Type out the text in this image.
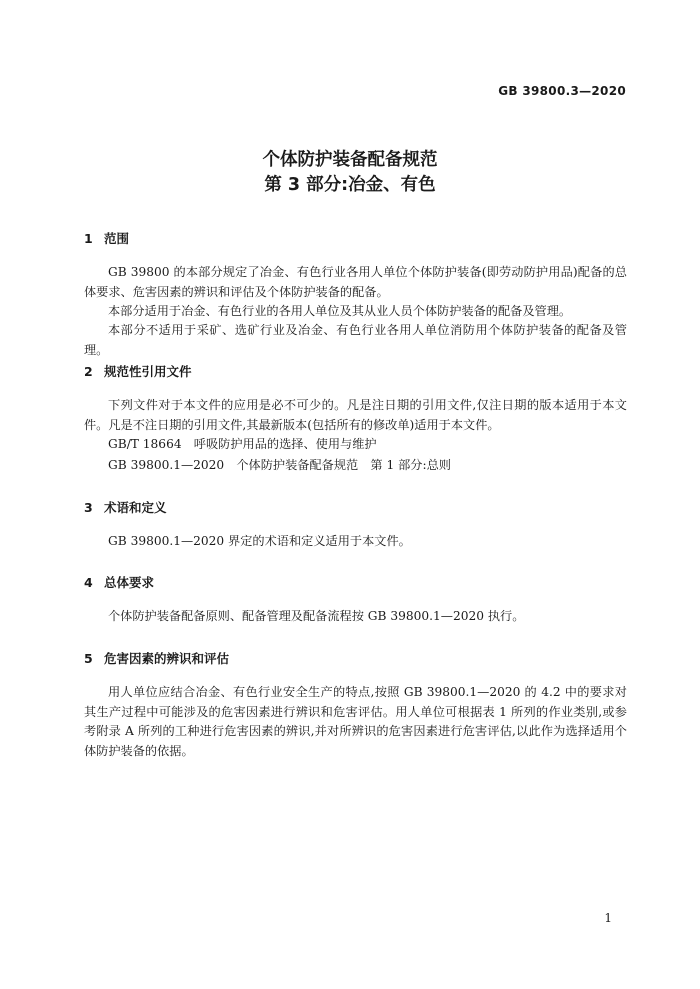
GB 39800.3—2020
个体防护装备配备规范
第 3 部分:冶金、有色
1 范围

GB 39800 的本部分规定了冶金、有色行业各用人单位个体防护装备(即劳动防护用品)配备的总体要求、危害因素的辨识和评估及个体防护装备的配备。

本部分适用于冶金、有色行业的各用人单位及其从业人员个体防护装备的配备及管理。

本部分不适用于采矿、选矿行业及冶金、有色行业各用人单位消防用个体防护装备的配备及管理。

2 规范性引用文件

下列文件对于本文件的应用是必不可少的。凡是注日期的引用文件,仅注日期的版本适用于本文件。凡是不注日期的引用文件,其最新版本(包括所有的修改单)适用于本文件。

GB/T 18664　呼吸防护用品的选择、使用与维护
GB 39800.1—2020　个体防护装备配备规范　第 1 部分:总则
3 术语和定义

GB 39800.1—2020 界定的术语和定义适用于本文件。

4 总体要求

个体防护装备配备原则、配备管理及配备流程按 GB 39800.1—2020 执行。

5 危害因素的辨识和评估

用人单位应结合冶金、有色行业安全生产的特点,按照 GB 39800.1—2020 的 4.2 中的要求对其生产过程中可能涉及的危害因素进行辨识和危害评估。用人单位可根据表 1 所列的作业类别,或参考附录 A 所列的工种进行危害因素的辨识,并对所辨识的危害因素进行危害评估,以此作为选择适用个体防护装备的依据。

1
